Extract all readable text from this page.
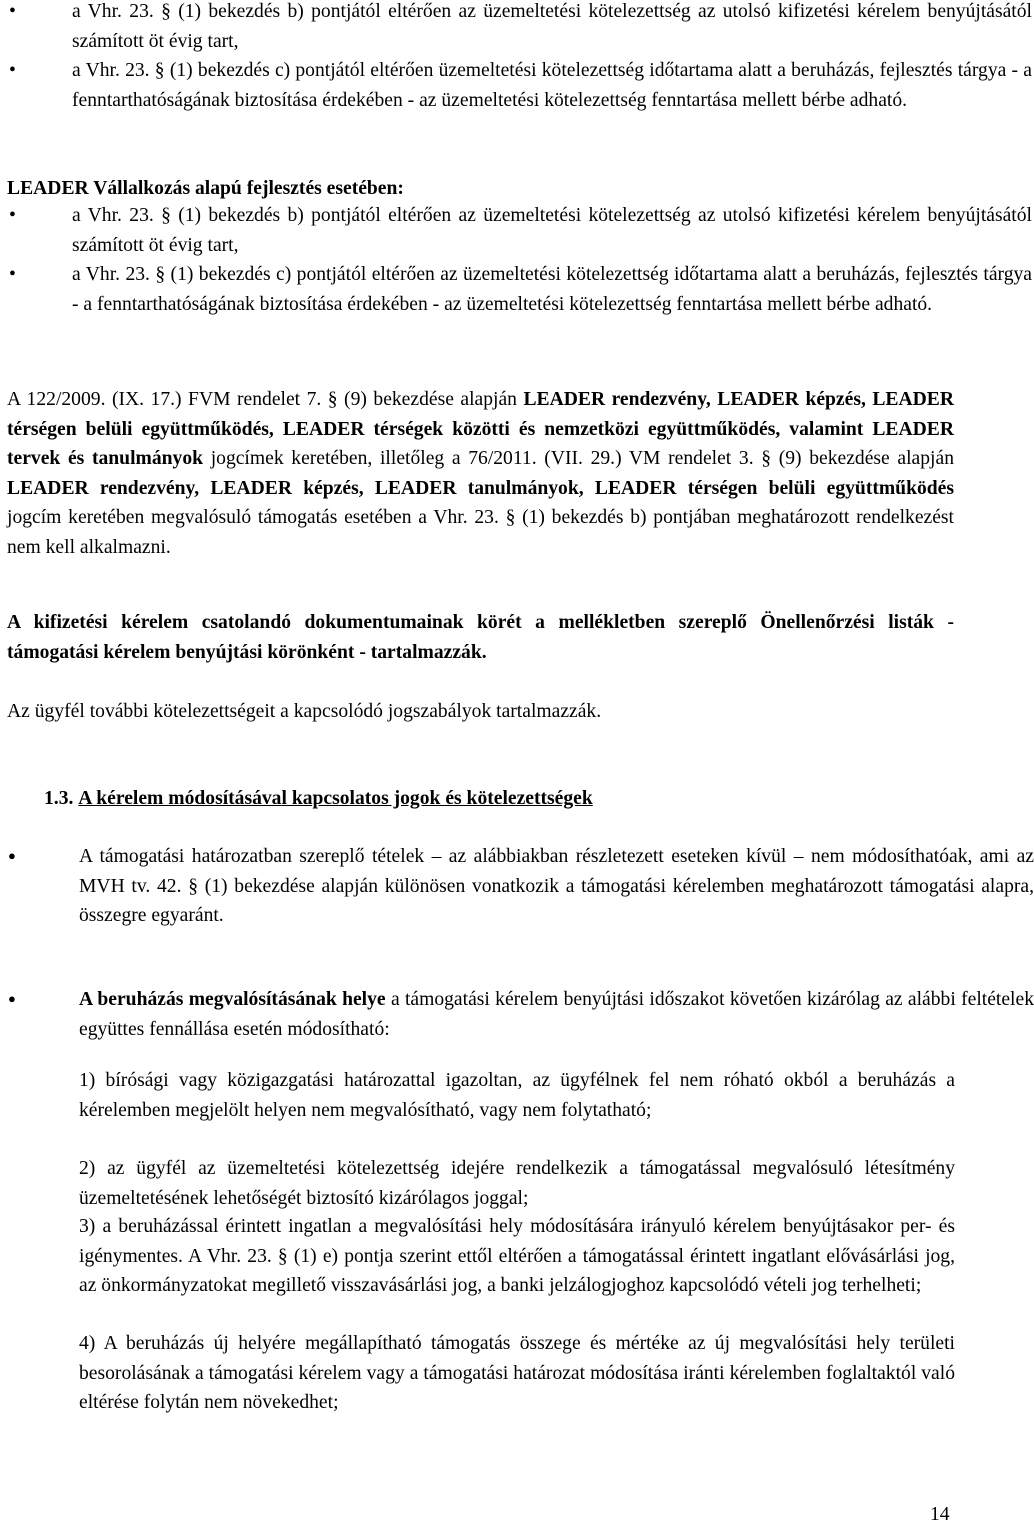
• a Vhr. 23. § (1) bekezdés b) pontjától eltérően az üzemeltetési kötelezettség az utolsó kifizetési kérelem benyújtásától számított öt évig tart,
• a Vhr. 23. § (1) bekezdés c) pontjától eltérően üzemeltetési kötelezettség időtartama alatt a beruházás, fejlesztés tárgya - a fenntarthatóságának biztosítása érdekében - az üzemeltetési kötelezettség fenntartása mellett bérbe adható.
LEADER Vállalkozás alapú fejlesztés esetében:
• a Vhr. 23. § (1) bekezdés b) pontjától eltérően az üzemeltetési kötelezettség az utolsó kifizetési kérelem benyújtásától számított öt évig tart,
• a Vhr. 23. § (1) bekezdés c) pontjától eltérően az üzemeltetési kötelezettség időtartama alatt a beruházás, fejlesztés tárgya - a fenntarthatóságának biztosítása érdekében - az üzemeltetési kötelezettség fenntartása mellett bérbe adható.
A 122/2009. (IX. 17.) FVM rendelet 7. § (9) bekezdése alapján LEADER rendezvény, LEADER képzés, LEADER térségen belüli együttműködés, LEADER térségek közötti és nemzetközi együttműködés, valamint LEADER tervek és tanulmányok jogcímek keretében, illetőleg a 76/2011. (VII. 29.) VM rendelet 3. § (9) bekezdése alapján LEADER rendezvény, LEADER képzés, LEADER tanulmányok, LEADER térségen belüli együttműködés jogcím keretében megvalósuló támogatás esetében a Vhr. 23. § (1) bekezdés b) pontjában meghatározott rendelkezést nem kell alkalmazni.
A kifizetési kérelem csatolandó dokumentumainak körét a mellékletben szereplő Önellenőrzési listák - támogatási kérelem benyújtási körönként - tartalmazzák.
Az ügyfél további kötelezettségeit a kapcsolódó jogszabályok tartalmazzák.
1.3. A kérelem módosításával kapcsolatos jogok és kötelezettségek
● A támogatási határozatban szereplő tételek – az alábbiakban részletezett eseteken kívül – nem módosíthatóak, ami az MVH tv. 42. § (1) bekezdése alapján különösen vonatkozik a támogatási kérelemben meghatározott támogatási alapra, összegre egyaránt.
● A beruházás megvalósításának helye a támogatási kérelem benyújtási időszakot követően kizárólag az alábbi feltételek együttes fennállása esetén módosítható:
1) bírósági vagy közigazgatási határozattal igazoltan, az ügyfélnek fel nem róható okból a beruházás a kérelemben megjelölt helyen nem megvalósítható, vagy nem folytatható;
2) az ügyfél az üzemeltetési kötelezettség idejére rendelkezik a támogatással megvalósuló létesítmény üzemeltetésének lehetőségét biztosító kizárólagos joggal;
3) a beruházással érintett ingatlan a megvalósítási hely módosítására irányuló kérelem benyújtásakor per- és igénymentes. A Vhr. 23. § (1) e) pontja szerint ettől eltérően a támogatással érintett ingatlant elővásárlási jog, az önkormányzatokat megillető visszavásárlási jog, a banki jelzálogjoghoz kapcsolódó vételi jog terhelheti;
4) A beruházás új helyére megállapítható támogatás összege és mértéke az új megvalósítási hely területi besorolásának a támogatási kérelem vagy a támogatási határozat módosítása iránti kérelemben foglaltaktól való eltérése folytán nem növekedhet;
14
